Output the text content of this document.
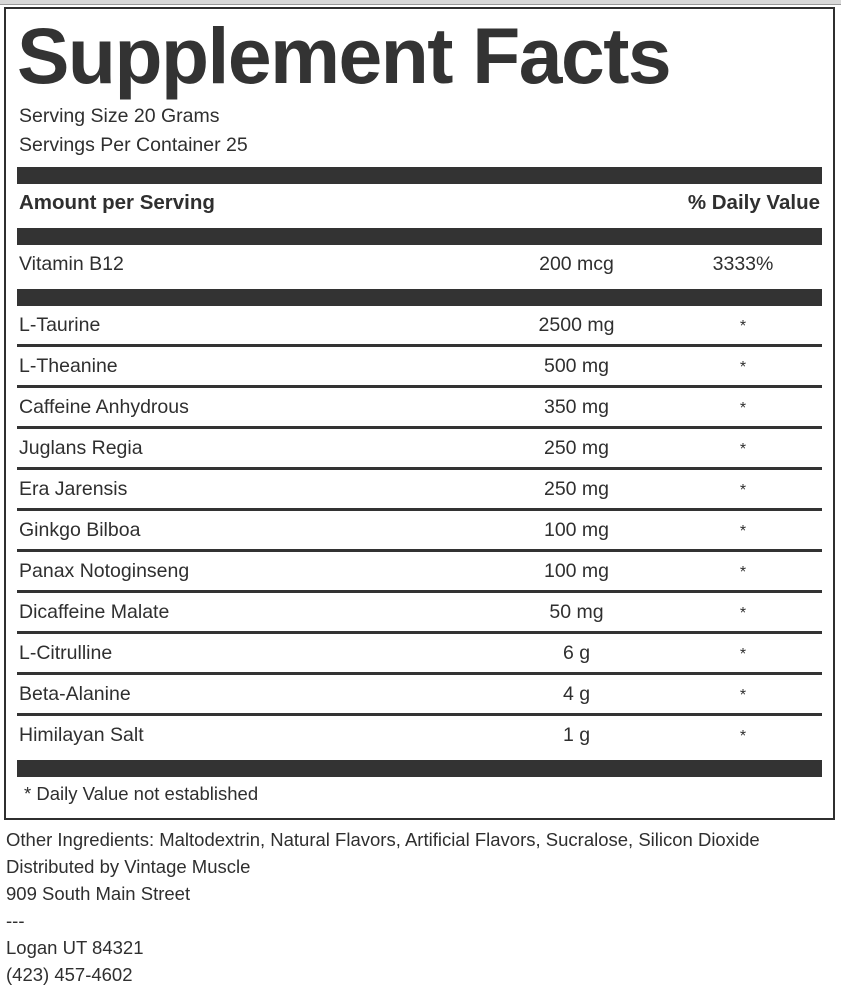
Supplement Facts
Serving Size 20 Grams
Servings Per Container 25
Amount per Serving	% Daily Value
Vitamin B12	200 mcg	3333%
L-Taurine	2500 mg	*
L-Theanine	500 mg	*
Caffeine Anhydrous	350 mg	*
Juglans Regia	250 mg	*
Era Jarensis	250 mg	*
Ginkgo Bilboa	100 mg	*
Panax Notoginseng	100 mg	*
Dicaffeine Malate	50 mg	*
L-Citrulline	6 g	*
Beta-Alanine	4 g	*
Himilayan Salt	1 g	*
* Daily Value not established
Other Ingredients: Maltodextrin, Natural Flavors, Artificial Flavors, Sucralose, Silicon Dioxide
Distributed by Vintage Muscle
909 South Main Street
---
Logan UT 84321
(423) 457-4602
